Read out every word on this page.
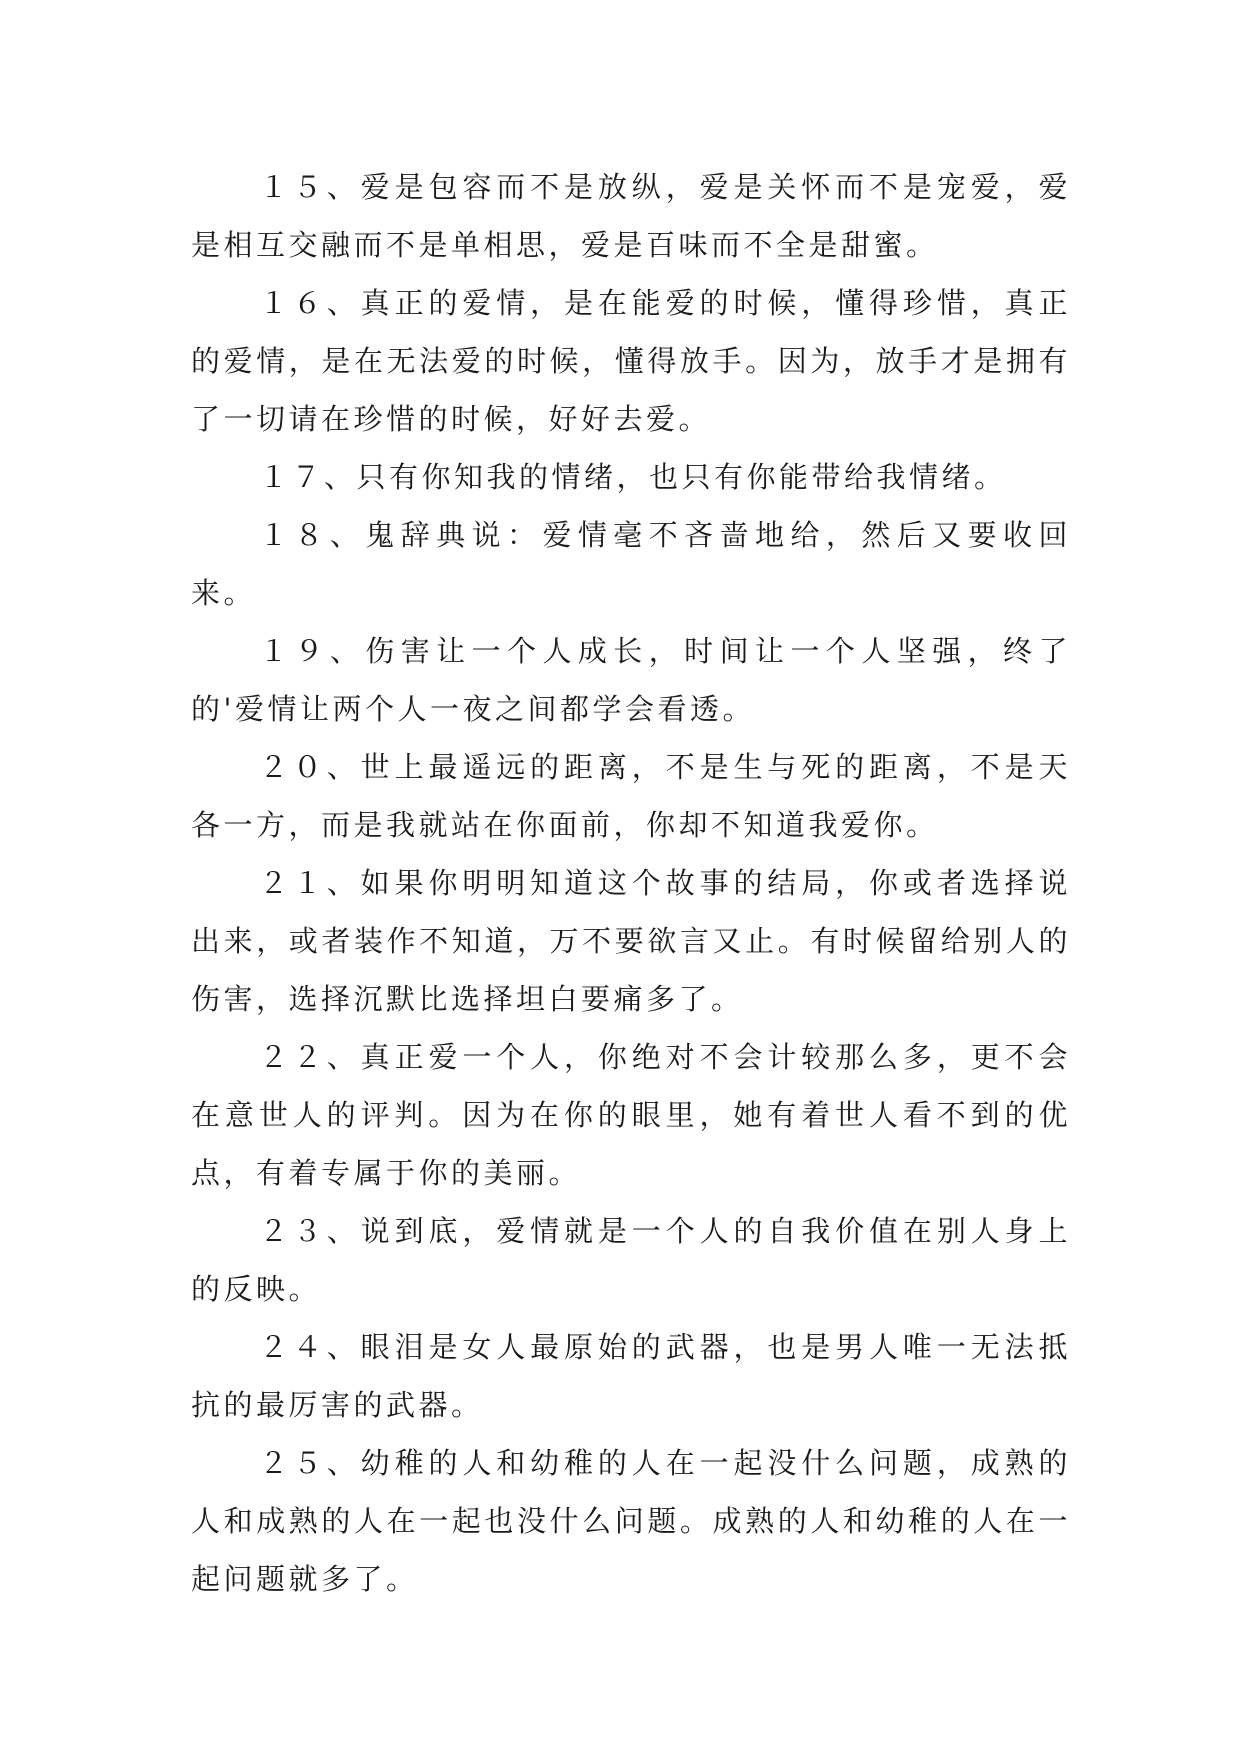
１５、爱是包容而不是放纵，爱是关怀而不是宠爱，爱是相互交融而不是单相思，爱是百味而不全是甜蜜。

１６、真正的爱情，是在能爱的时候，懂得珍惜，真正的爱情，是在无法爱的时候，懂得放手。因为，放手才是拥有了一切请在珍惜的时候，好好去爱。

１７、只有你知我的情绪，也只有你能带给我情绪。

１８、鬼辞典说：爱情毫不吝啬地给，然后又要收回来。

１９、伤害让一个人成长，时间让一个人坚强，终了的'爱情让两个人一夜之间都学会看透。

２０、世上最遥远的距离，不是生与死的距离，不是天各一方，而是我就站在你面前，你却不知道我爱你。

２１、如果你明明知道这个故事的结局，你或者选择说出来，或者装作不知道，万不要欲言又止。有时候留给别人的伤害，选择沉默比选择坦白要痛多了。

２２、真正爱一个人，你绝对不会计较那么多，更不会在意世人的评判。因为在你的眼里，她有着世人看不到的优点，有着专属于你的美丽。

２３、说到底，爱情就是一个人的自我价值在别人身上的反映。

２４、眼泪是女人最原始的武器，也是男人唯一无法抵抗的最厉害的武器。

２５、幼稚的人和幼稚的人在一起没什么问题，成熟的人和成熟的人在一起也没什么问题。成熟的人和幼稚的人在一起问题就多了。
